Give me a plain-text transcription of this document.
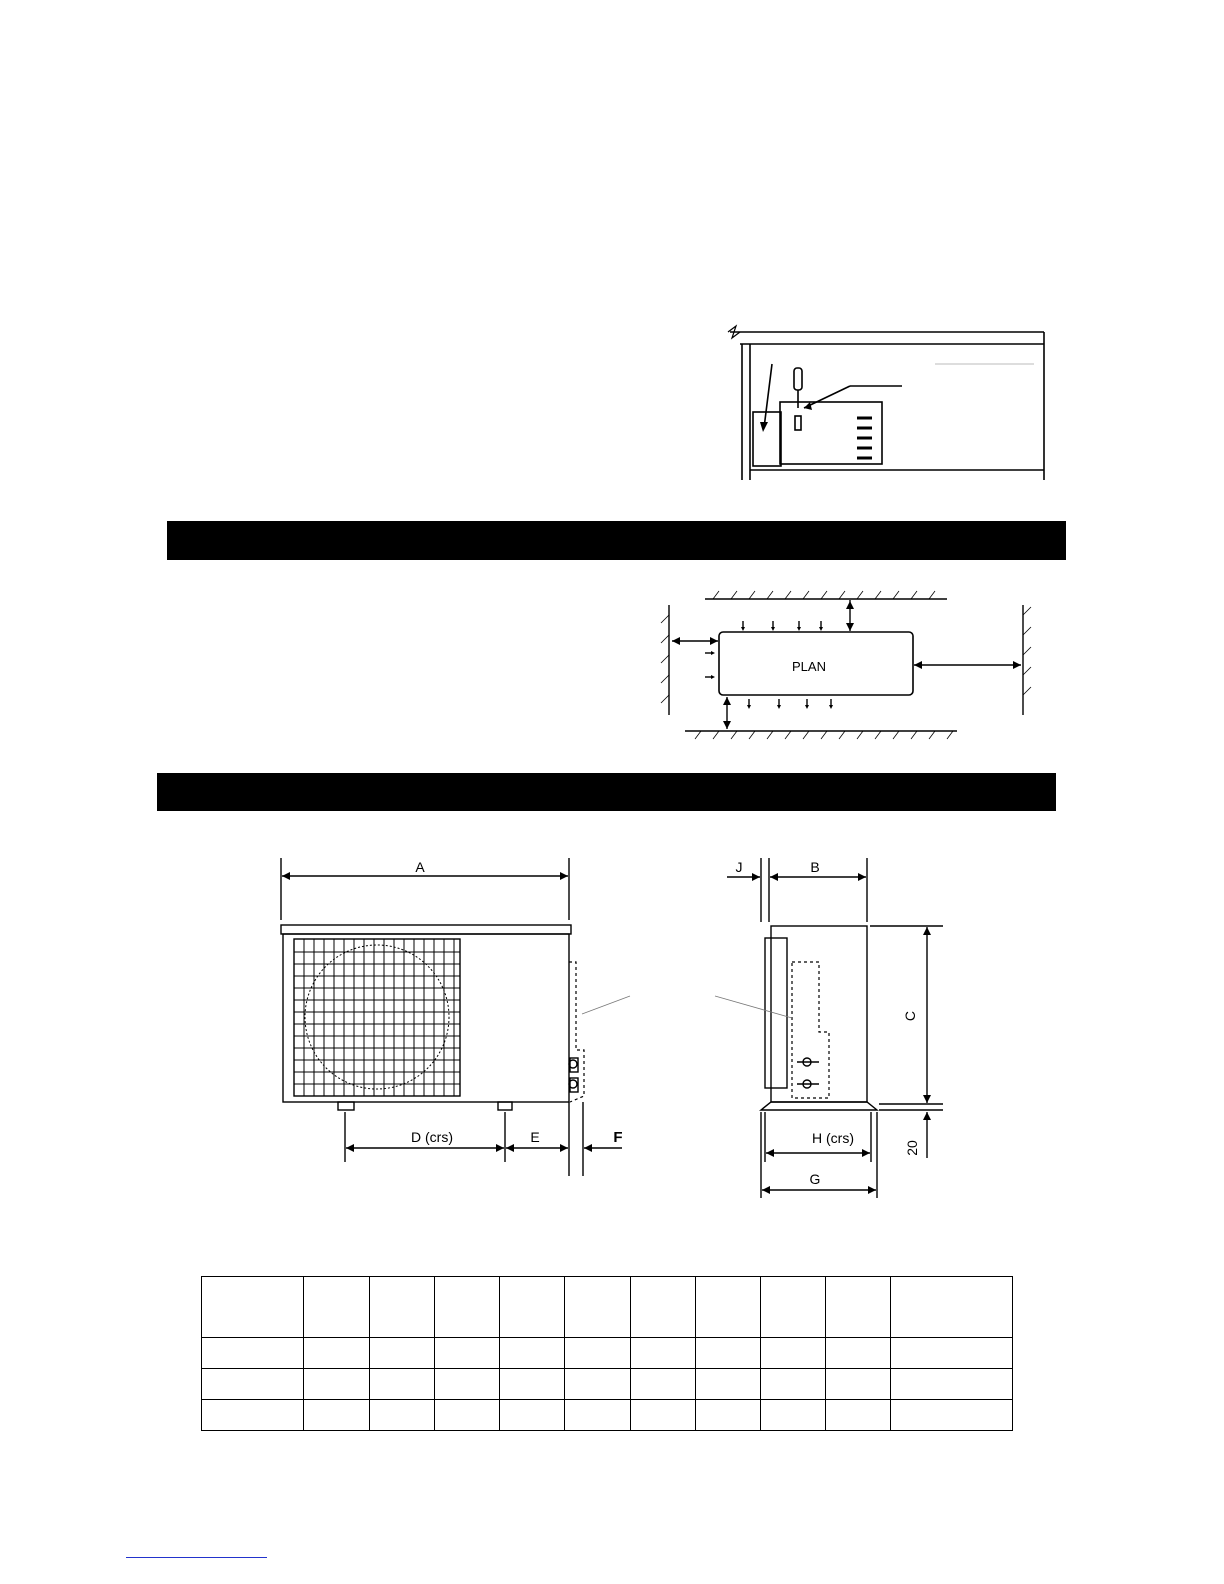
PLAN
A
D (crs)	E	F
J	B
C
H (crs)
G
20
